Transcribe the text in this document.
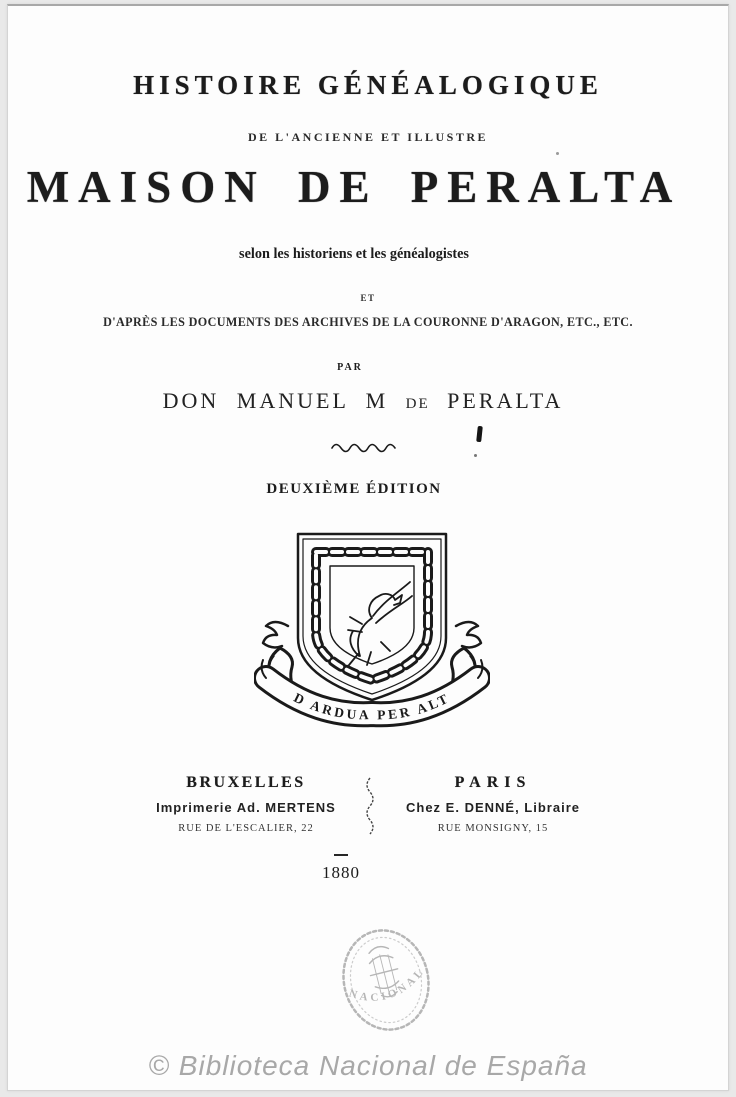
HISTOIRE GÉNÉALOGIQUE
DE L'ANCIENNE ET ILLUSTRE
MAISON DE PERALTA
selon les historiens et les généalogistes
ET
D'APRÈS LES DOCUMENTS DES ARCHIVES DE LA COURONNE D'ARAGON, ETC., ETC.
PAR
DON MANUEL M DE PERALTA
DEUXIÈME ÉDITION
D ARDUA PER ALT
BRUXELLES
Imprimerie Ad. MERTENS
RUE DE L'ESCALIER, 22
PARIS
Chez E. DENNÉ, Libraire
RUE MONSIGNY, 15
1880
NACIONAL
© Biblioteca Nacional de España
